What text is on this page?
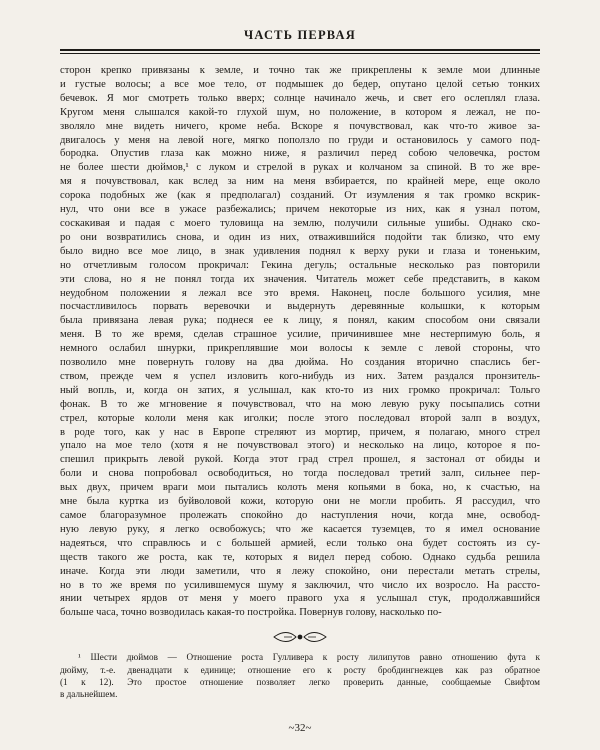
ЧАСТЬ ПЕРВАЯ

сторон крепко привязаны к земле, и точно так же прикреплены к земле мои длинные

и густые волосы; а все мое тело, от подмышек до бедер, опутано целой сетью тонких

бечевок. Я мог смотреть только вверх; солнце начинало жечь, и свет его ослеплял глаза.

Кругом меня слышался какой-то глухой шум, но положение, в котором я лежал, не по-

зволяло мне видеть ничего, кроме неба. Вскоре я почувствовал, как что-то живое за-

двигалось у меня на левой ноге, мягко поползло по груди и остановилось у самого под-

бородка. Опустив глаза как можно ниже, я различил перед собою человечка, ростом

не более шести дюймов,¹ с луком и стрелой в руках и колчаном за спиной. В то же вре-

мя я почувствовал, как вслед за ним на меня взбирается, по крайней мере, еще около

сорока подобных же (как я предполагал) созданий. От изумления я так громко вскрик-

нул, что они все в ужасе разбежались; причем некоторые из них, как я узнал потом,

соскакивая и падая с моего туловища на землю, получили сильные ушибы. Однако ско-

ро они возвратились снова, и один из них, отважившийся подойти так близко, что ему

было видно все мое лицо, в знак удивления поднял к верху руки и глаза и тоненьким,

но отчетливым голосом прокричал: Гекина дегуль; остальные несколько раз повторили

эти слова, но я не понял тогда их значения. Читатель может себе представить, в каком

неудобном положении я лежал все это время. Наконец, после большого усилия, мне

посчастливилось порвать веревочки и выдернуть деревянные колышки, к которым

была привязана левая рука; поднеся ее к лицу, я понял, каким способом они связали

меня. В то же время, сделав страшное усилие, причинившее мне нестерпимую боль, я

немного ослабил шнурки, прикреплявшие мои волосы к земле с левой стороны, что

позволило мне повернуть голову на два дюйма. Но создания вторично спаслись бег-

ством, прежде чем я успел изловить кого-нибудь из них. Затем раздался пронзитель-

ный вопль, и, когда он затих, я услышал, как кто-то из них громко прокричал: Тольго

фонак. В то же мгновение я почувствовал, что на мою левую руку посыпались сотни

стрел, которые кололи меня как иголки; после этого последовал второй залп в воздух,

в роде того, как у нас в Европе стреляют из мортир, причем, я полагаю, много стрел

упало на мое тело (хотя я не почувствовал этого) и несколько на лицо, которое я по-

спешил прикрыть левой рукой. Когда этот град стрел прошел, я застонал от обиды и

боли и снова попробовал освободиться, но тогда последовал третий залп, сильнее пер-

вых двух, причем враги мои пытались колоть меня копьями в бока, но, к счастью, на

мне была куртка из буйволовой кожи, которую они не могли пробить. Я рассудил, что

самое благоразумное пролежать спокойно до наступления ночи, когда мне, освобод-

ную левую руку, я легко освобожусь; что же касается туземцев, то я имел основание

надеяться, что справлюсь и с большей армией, если только она будет состоять из су-

ществ такого же роста, как те, которых я видел перед собою. Однако судьба решила

иначе. Когда эти люди заметили, что я лежу спокойно, они перестали метать стрелы,

но в то же время по усилившемуся шуму я заключил, что число их возросло. На рассто-

янии четырех ярдов от меня у моего правого уха я услышал стук, продолжавшийся

больше часа, точно возводилась какая-то постройка. Повернув голову, насколько по-

¹ Шести дюймов — Отношение роста Гулливера к росту лилипутов равно отношению фута к

дюйму, т.-е. двенадцати к единице; отношение его к росту бробдингнежцев как раз обратное

(1 к 12). Это простое отношение позволяет легко проверить данные, сообщаемые Свифтом

в дальнейшем.

~32~
